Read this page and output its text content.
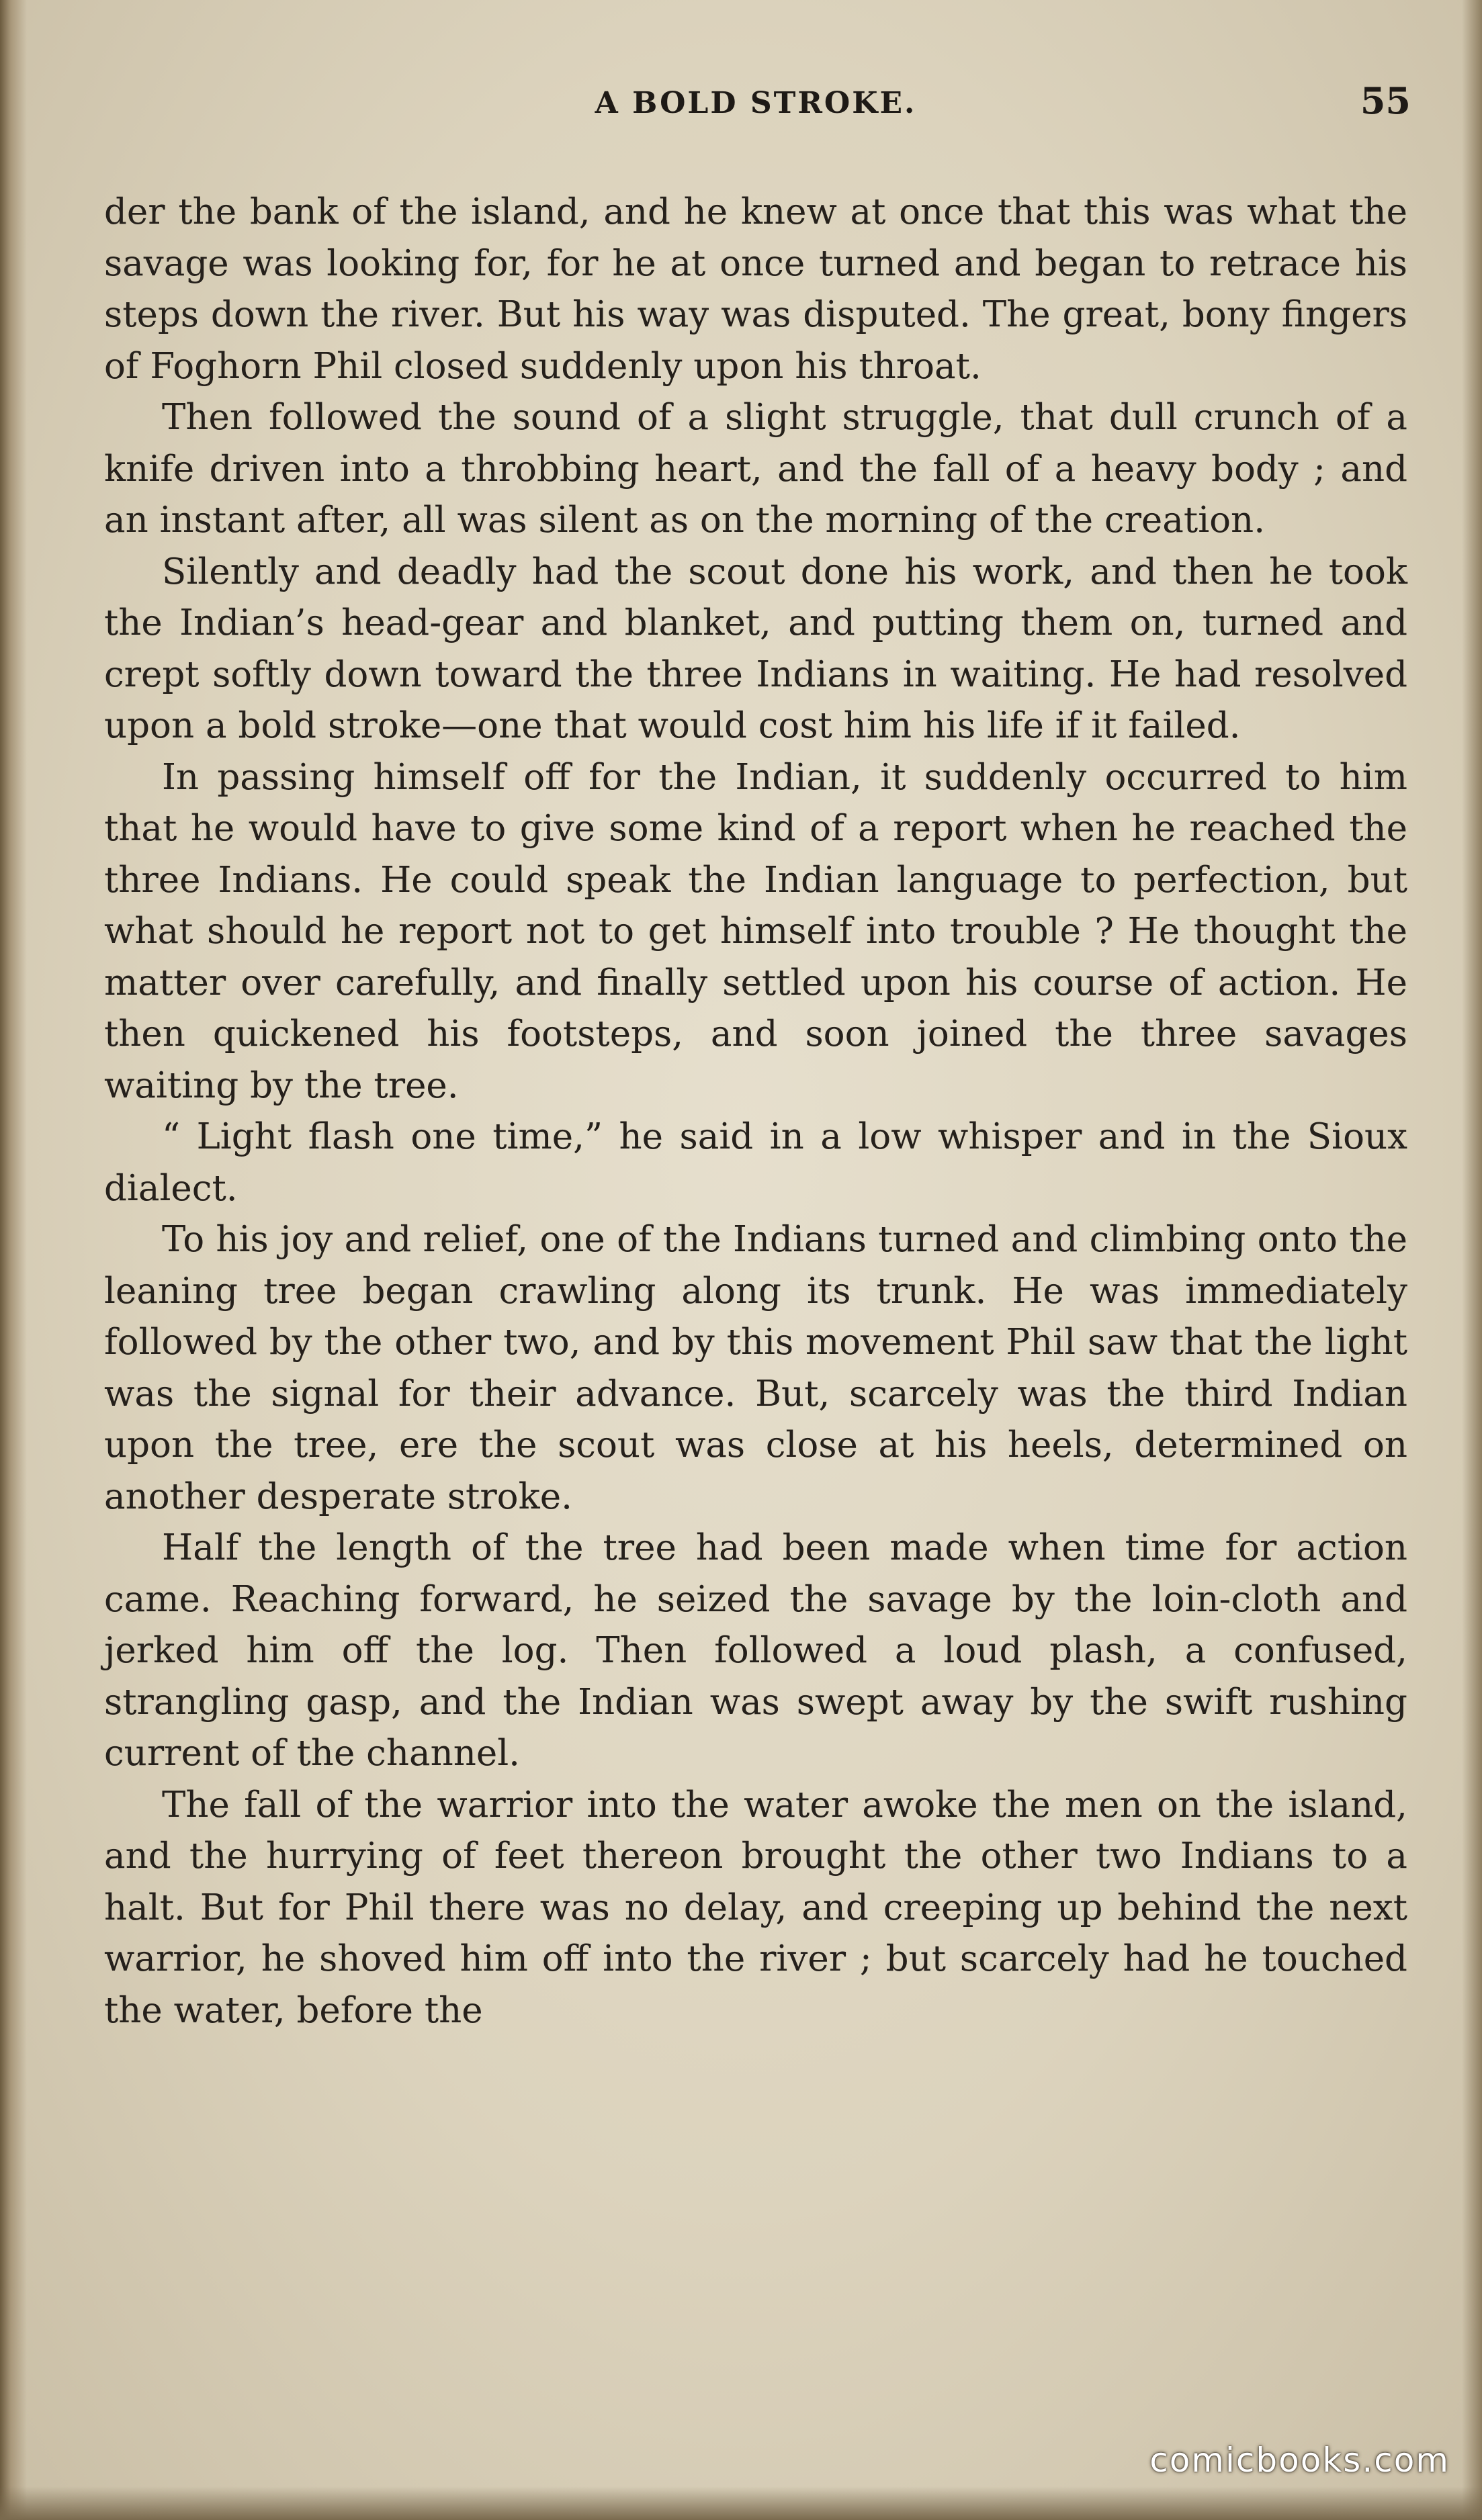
A BOLD STROKE.	55

der the bank of the island, and he knew at once that this was what the savage was looking for, for he at once turned and began to retrace his steps down the river. But his way was disputed. The great, bony fingers of Foghorn Phil closed suddenly upon his throat.

Then followed the sound of a slight struggle, that dull crunch of a knife driven into a throbbing heart, and the fall of a heavy body ; and an instant after, all was silent as on the morning of the creation.

Silently and deadly had the scout done his work, and then he took the Indian’s head-gear and blanket, and putting them on, turned and crept softly down toward the three Indians in waiting. He had resolved upon a bold stroke—one that would cost him his life if it failed.

In passing himself off for the Indian, it suddenly occurred to him that he would have to give some kind of a report when he reached the three Indians. He could speak the Indian language to perfection, but what should he report not to get himself into trouble ? He thought the matter over carefully, and finally settled upon his course of action. He then quickened his footsteps, and soon joined the three savages waiting by the tree.

“ Light flash one time,” he said in a low whisper and in the Sioux dialect.

To his joy and relief, one of the Indians turned and climbing onto the leaning tree began crawling along its trunk. He was immediately followed by the other two, and by this movement Phil saw that the light was the signal for their advance. But, scarcely was the third Indian upon the tree, ere the scout was close at his heels, determined on another desperate stroke.

Half the length of the tree had been made when time for action came. Reaching forward, he seized the savage by the loin-cloth and jerked him off the log. Then followed a loud plash, a confused, strangling gasp, and the Indian was swept away by the swift rushing current of the channel.

The fall of the warrior into the water awoke the men on the island, and the hurrying of feet thereon brought the other two Indians to a halt. But for Phil there was no delay, and creeping up behind the next warrior, he shoved him off into the river ; but scarcely had he touched the water, before the

comicbooks.com
